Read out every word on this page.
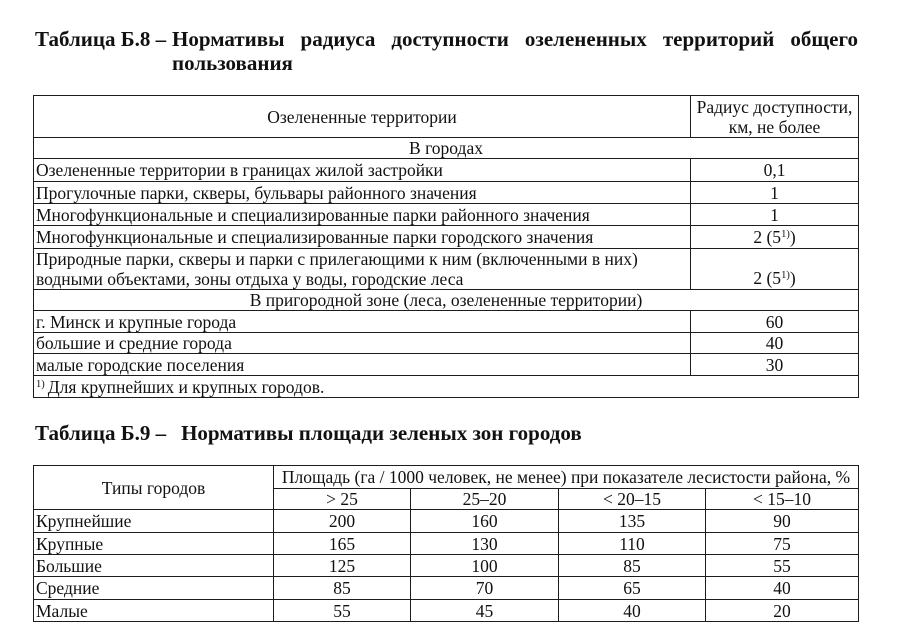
Таблица Б.8 – Нормативы радиуса доступности озелененных территорий общего пользования
Озелененные территории	Радиус доступности,
км, не более

В городах	
Озелененные территории в границах жилой застройки	0,1
Прогулочные парки, скверы, бульвары районного значения	1
Многофункциональные и специализированные парки районного значения	1
Многофункциональные и специализированные парки городского значения	2 (5$^{1)}$)

Природные парки, скверы и парки с прилегающими к ним (включенными в них)
водными объектами, зоны отдыха у воды, городские леса	2 (5$^{1)}$)
В пригородной зоне (леса, озелененные территории)	
г. Минск и крупные города	60
большие и средние города	40
малые городские поселения	30
$^{1)}$ Для крупнейших и крупных городов.	
Таблица Б.9 – Нормативы площади зеленых зон городов
Типы городов	Площадь (га / 1000 человек, не менее) при показателе лесистости района, %			
	> 25	25–20	< 20–15	< 15–10
Крупнейшие	200	160	135	90
Крупные	165	130	110	75
Большие	125	100	85	55
Средние	85	70	65	40
Малые	55	45	40	20
